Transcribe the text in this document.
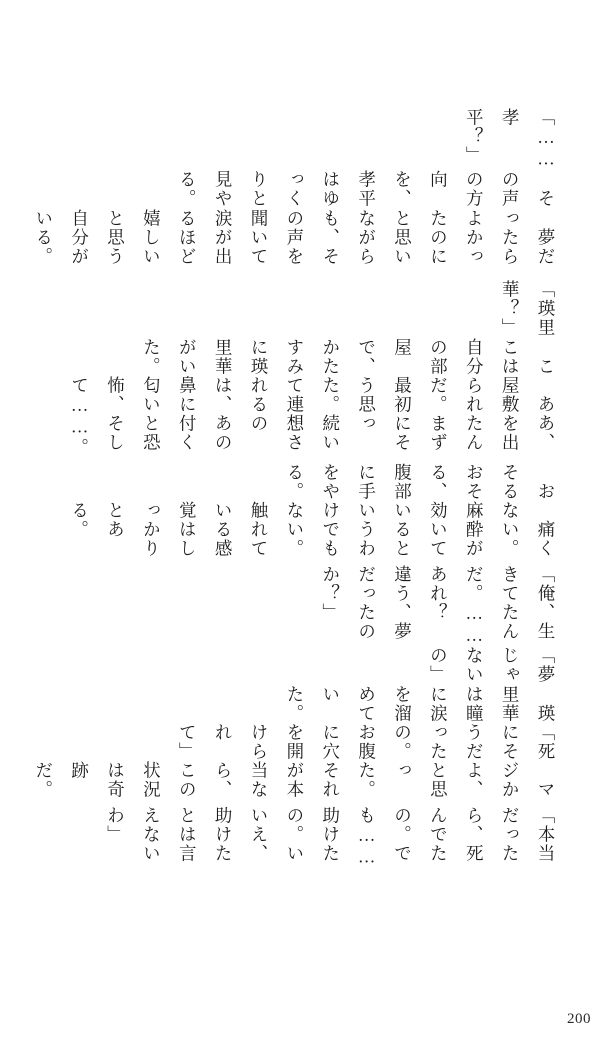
「……孝平？」

　その声の方向を、孝平はゆっくりと見やる。

　夢だったらよかったのにと思いながらも、その声を聞いて涙が出るほど嬉しいと思う自分がいる。

「瑛里華？」

　ここは自分の部屋で、かたすみに瑛里華がいた。

　ああ、屋敷を出られたんだ。まず最初にそう思った。続いて連想されるのは、あの鼻に付く匂いと恐怖、そして……。

　おそるおそる、腹部に手をやる。

　痛くない。麻酔が効いているというわけでもない。触れている感覚はしっかりとある。

「俺、生きてたんだ。……あれ？　違う、夢だったのか？」

「夢じゃないの」

　瑛里華は瞳に涙を溜めていた。

「死にそうだったの。お腹に穴を開けられて」

　マジかよ、と思った。それが本当なら、この状況は奇跡だ。

「本当だったら、死んでたの。でも……助けたの。いいえ、助けたとは言えないわ」

200
